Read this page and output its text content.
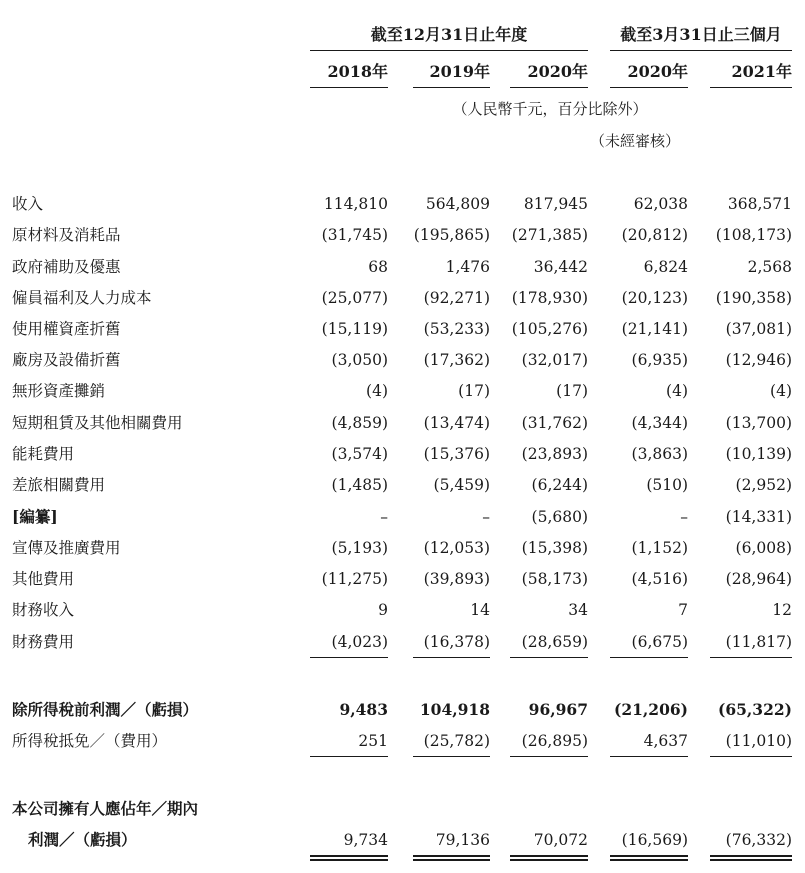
截至12月31日止年度	截至3月31日止三個月
2018年	2019年	2020年	2020年	2021年
（人民幣千元，百分比除外）
（未經審核）
收入	114,810	564,809	817,945	62,038	368,571
原材料及消耗品	(31,745) (195,865) (271,385)	(20,812)	(108,173)
政府補助及優惠	68	1,476	36,442	6,824	2,568
僱員福利及人力成本	(25,077)	(92,271) (178,930)	(20,123)	(190,358)
使用權資產折舊	(15,119)	(53,233) (105,276)	(21,141)	(37,081)
廠房及設備折舊	(3,050)	(17,362)	(32,017)	(6,935)	(12,946)
無形資產攤銷	(4)	(17)	(17)	(4)	(4)
短期租賃及其他相關費用	(4,859)	(13,474)	(31,762)	(4,344)	(13,700)
能耗費用	(3,574)	(15,376)	(23,893)	(3,863)	(10,139)
差旅相關費用	(1,485)	(5,459)	(6,244)	(510)	(2,952)
[編纂]	–	–	(5,680)	–	(14,331)
宣傳及推廣費用	(5,193)	(12,053)	(15,398)	(1,152)	(6,008)
其他費用	(11,275)	(39,893)	(58,173)	(4,516)	(28,964)
財務收入	9	14	34	7	12
財務費用	(4,023)	(16,378)	(28,659)	(6,675)	(11,817)
除所得稅前利潤／（虧損）	9,483	104,918	96,967 (21,206)	(65,322)
所得稅抵免／（費用）	251	(25,782)	(26,895)	4,637	(11,010)
本公司擁有人應佔年／期內
利潤／（虧損）	9,734	79,136	70,072	(16,569)	(76,332)
